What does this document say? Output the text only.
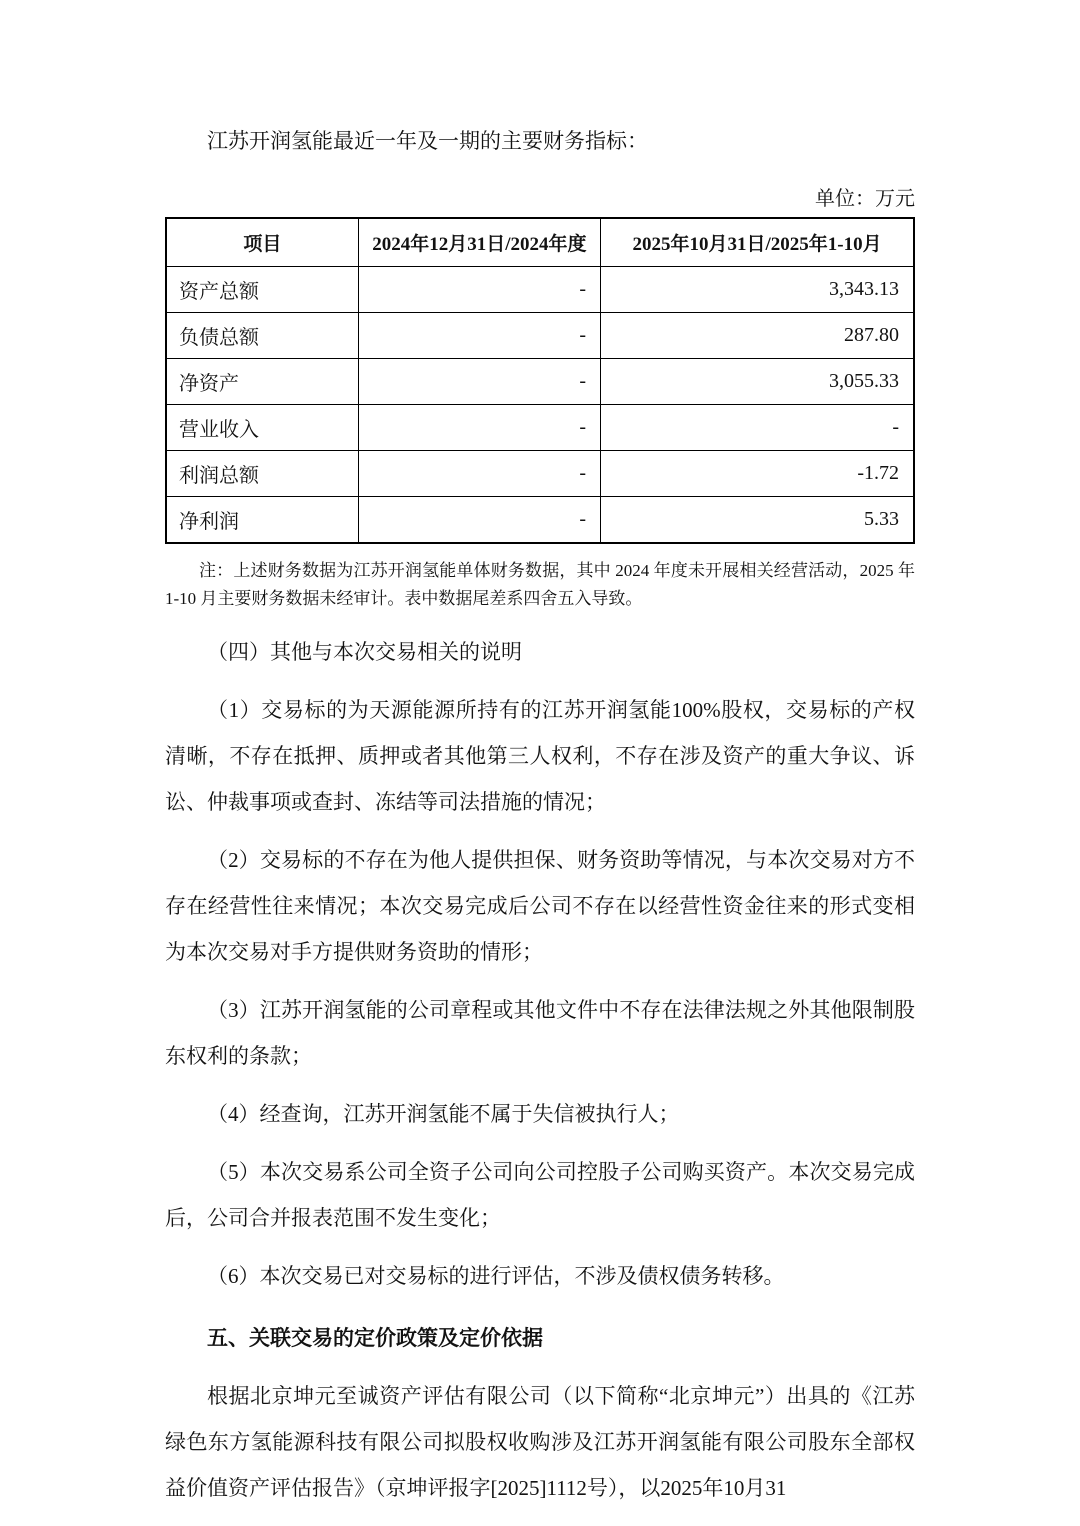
江苏开润氢能最近一年及一期的主要财务指标：

单位：万元
项目	2024年12月31日/2024年度	2025年10月31日/2025年1-10月
资产总额	-	3,343.13
负债总额	-	287.80
净资产	-	3,055.33
营业收入	-	-
利润总额	-	-1.72
净利润	-	5.33

注：上述财务数据为江苏开润氢能单体财务数据，其中 2024 年度未开展相关经营活动，2025 年 1-10 月主要财务数据未经审计。表中数据尾差系四舍五入导致。

（四）其他与本次交易相关的说明

（1）交易标的为天源能源所持有的江苏开润氢能100%股权，交易标的产权清晰，不存在抵押、质押或者其他第三人权利，不存在涉及资产的重大争议、诉讼、仲裁事项或查封、冻结等司法措施的情况；

（2）交易标的不存在为他人提供担保、财务资助等情况，与本次交易对方不存在经营性往来情况；本次交易完成后公司不存在以经营性资金往来的形式变相为本次交易对手方提供财务资助的情形；

（3）江苏开润氢能的公司章程或其他文件中不存在法律法规之外其他限制股东权利的条款；

（4）经查询，江苏开润氢能不属于失信被执行人；

（5）本次交易系公司全资子公司向公司控股子公司购买资产。本次交易完成后，公司合并报表范围不发生变化；

（6）本次交易已对交易标的进行评估，不涉及债权债务转移。

五、关联交易的定价政策及定价依据

根据北京坤元至诚资产评估有限公司（以下简称“北京坤元”）出具的《江苏绿色东方氢能源科技有限公司拟股权收购涉及江苏开润氢能有限公司股东全部权益价值资产评估报告》（京坤评报字[2025]1112号），以2025年10月31
